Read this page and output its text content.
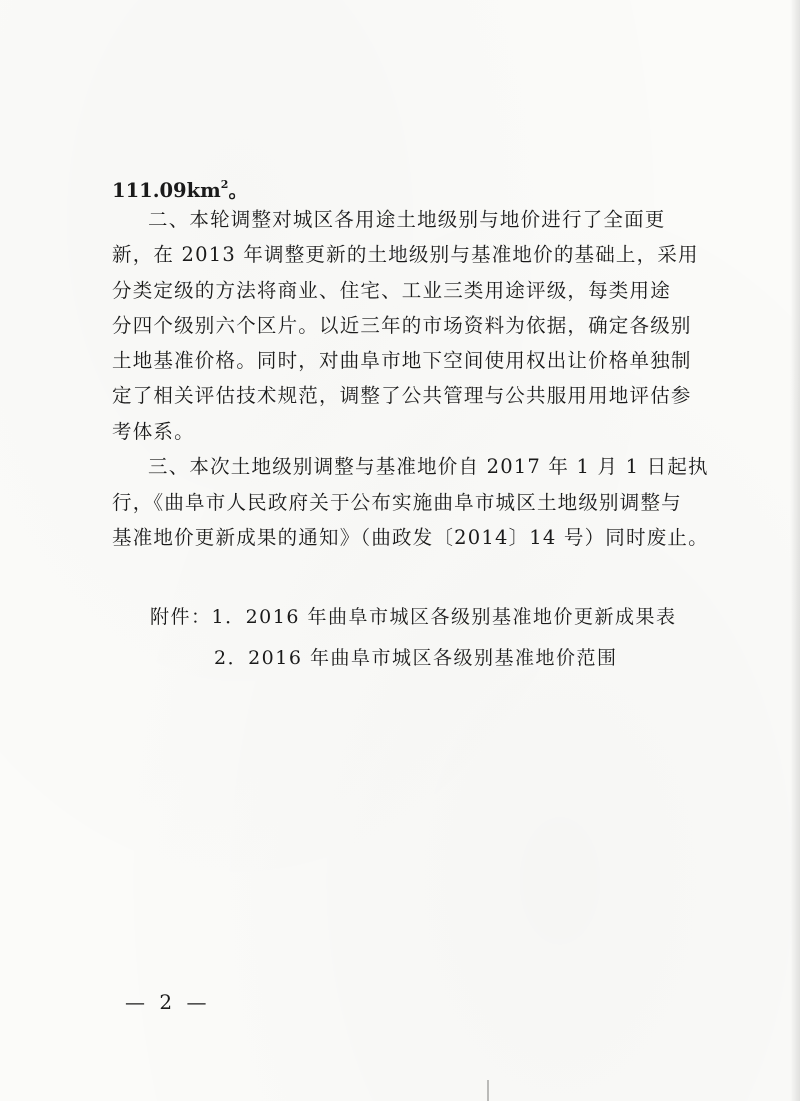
$111.09km^2$。
二、本轮调整对城区各用途土地级别与地价进行了全面更
新，在 2013 年调整更新的土地级别与基准地价的基础上，采用
分类定级的方法将商业、住宅、工业三类用途评级，每类用途
分四个级别六个区片。以近三年的市场资料为依据，确定各级别
土地基准价格。同时，对曲阜市地下空间使用权出让价格单独制
定了相关评估技术规范，调整了公共管理与公共服用用地评估参
考体系。
三、本次土地级别调整与基准地价自 2017 年 1 月 1 日起执
行，《曲阜市人民政府关于公布实施曲阜市城区土地级别调整与
基准地价更新成果的通知》（曲政发〔2014〕14 号）同时废止。
附件：1．2016 年曲阜市城区各级别基准地价更新成果表
2．2016 年曲阜市城区各级别基准地价范围
— 2 —
